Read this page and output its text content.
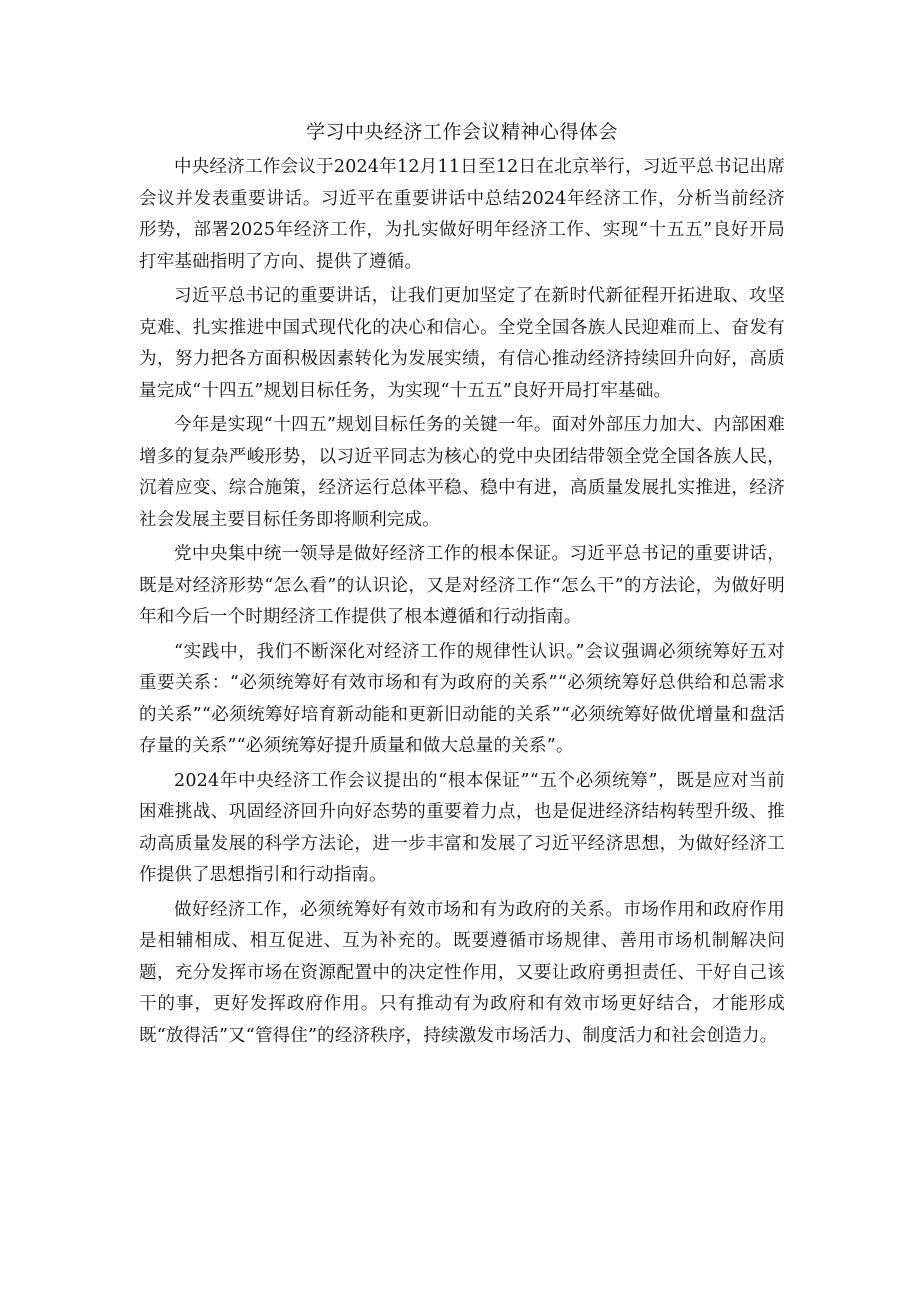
学习中央经济工作会议精神心得体会

中央经济工作会议于2024年12月11日至12日在北京举行，习近平总书记出席会议并发表重要讲话。习近平在重要讲话中总结2024年经济工作，分析当前经济形势，部署2025年经济工作，为扎实做好明年经济工作、实现“十五五”良好开局打牢基础指明了方向、提供了遵循。

习近平总书记的重要讲话，让我们更加坚定了在新时代新征程开拓进取、攻坚克难、扎实推进中国式现代化的决心和信心。全党全国各族人民迎难而上、奋发有为，努力把各方面积极因素转化为发展实绩，有信心推动经济持续回升向好，高质量完成“十四五”规划目标任务，为实现“十五五”良好开局打牢基础。

今年是实现“十四五”规划目标任务的关键一年。面对外部压力加大、内部困难增多的复杂严峻形势，以习近平同志为核心的党中央团结带领全党全国各族人民，沉着应变、综合施策，经济运行总体平稳、稳中有进，高质量发展扎实推进，经济社会发展主要目标任务即将顺利完成。

党中央集中统一领导是做好经济工作的根本保证。习近平总书记的重要讲话，既是对经济形势“怎么看”的认识论，又是对经济工作“怎么干”的方法论，为做好明年和今后一个时期经济工作提供了根本遵循和行动指南。

“实践中，我们不断深化对经济工作的规律性认识。”会议强调必须统筹好五对重要关系：“必须统筹好有效市场和有为政府的关系”“必须统筹好总供给和总需求的关系”“必须统筹好培育新动能和更新旧动能的关系”“必须统筹好做优增量和盘活存量的关系”“必须统筹好提升质量和做大总量的关系”。

2024年中央经济工作会议提出的“根本保证”“五个必须统筹”，既是应对当前困难挑战、巩固经济回升向好态势的重要着力点，也是促进经济结构转型升级、推动高质量发展的科学方法论，进一步丰富和发展了习近平经济思想，为做好经济工作提供了思想指引和行动指南。

做好经济工作，必须统筹好有效市场和有为政府的关系。市场作用和政府作用是相辅相成、相互促进、互为补充的。既要遵循市场规律、善用市场机制解决问题，充分发挥市场在资源配置中的决定性作用，又要让政府勇担责任、干好自己该干的事，更好发挥政府作用。只有推动有为政府和有效市场更好结合，才能形成既“放得活”又“管得住”的经济秩序，持续激发市场活力、制度活力和社会创造力。
